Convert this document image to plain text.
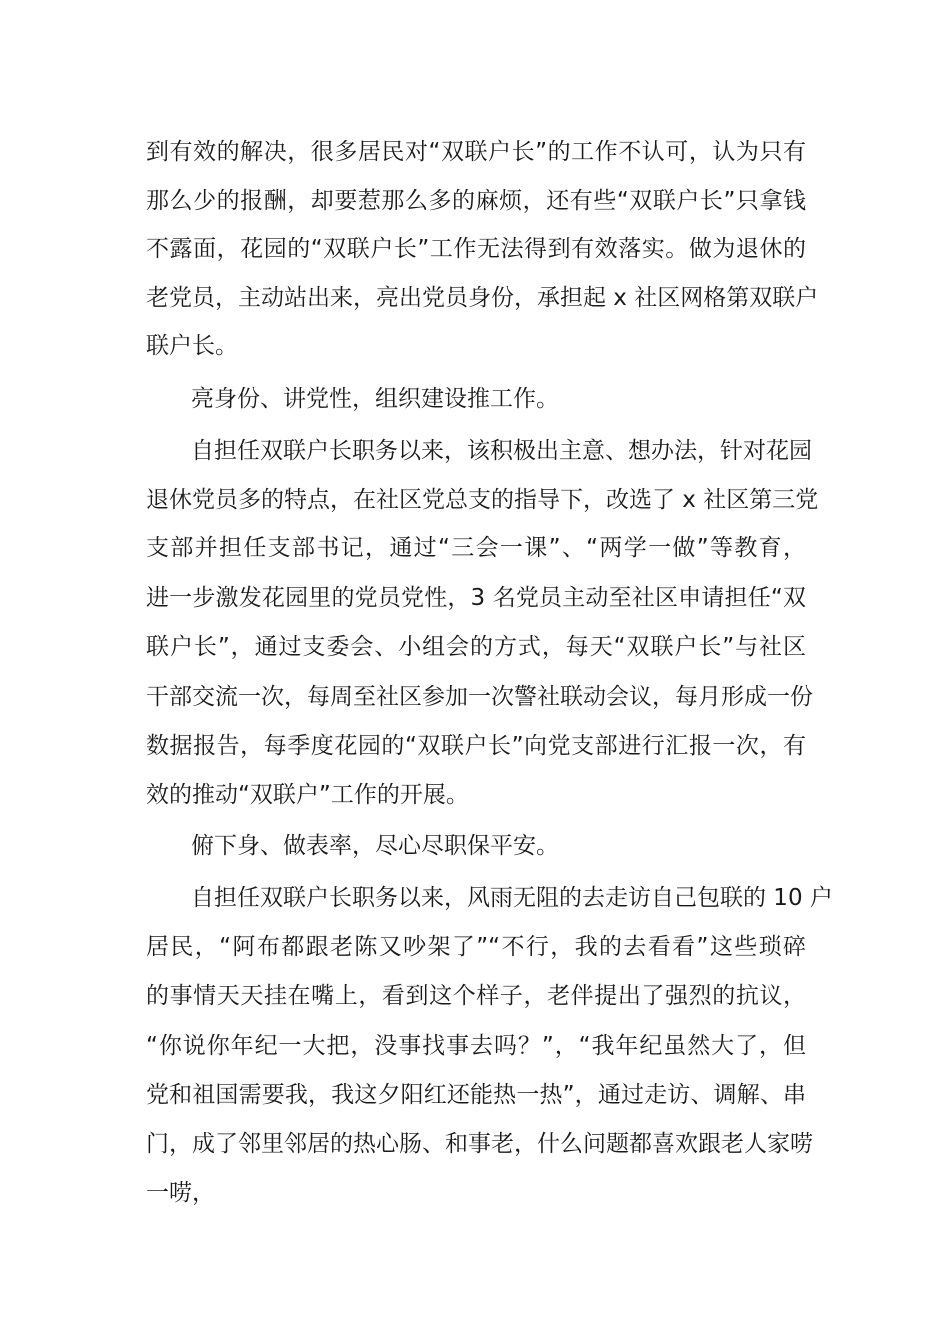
到有效的解决，很多居民对“双联户长”的工作不认可，认为只有
那么少的报酬，却要惹那么多的麻烦，还有些“双联户长”只拿钱
不露面，花园的“双联户长”工作无法得到有效落实。做为退休的
老党员，主动站出来，亮出党员身份，承担起 x 社区网格第双联户
联户长。
亮身份、讲党性，组织建设推工作。
自担任双联户长职务以来，该积极出主意、想办法，针对花园
退休党员多的特点，在社区党总支的指导下，改选了 x 社区第三党
支部并担任支部书记，通过“三会一课”、“两学一做”等教育，
进一步激发花园里的党员党性，3 名党员主动至社区申请担任“双
联户长”，通过支委会、小组会的方式，每天“双联户长”与社区
干部交流一次，每周至社区参加一次警社联动会议，每月形成一份
数据报告，每季度花园的“双联户长”向党支部进行汇报一次，有
效的推动“双联户”工作的开展。
俯下身、做表率，尽心尽职保平安。
自担任双联户长职务以来，风雨无阻的去走访自己包联的 10 户
居民，“阿布都跟老陈又吵架了”“不行，我的去看看”这些琐碎
的事情天天挂在嘴上，看到这个样子，老伴提出了强烈的抗议，
“你说你年纪一大把，没事找事去吗？”，“我年纪虽然大了，但
党和祖国需要我，我这夕阳红还能热一热”，通过走访、调解、串
门，成了邻里邻居的热心肠、和事老，什么问题都喜欢跟老人家唠
一唠，
